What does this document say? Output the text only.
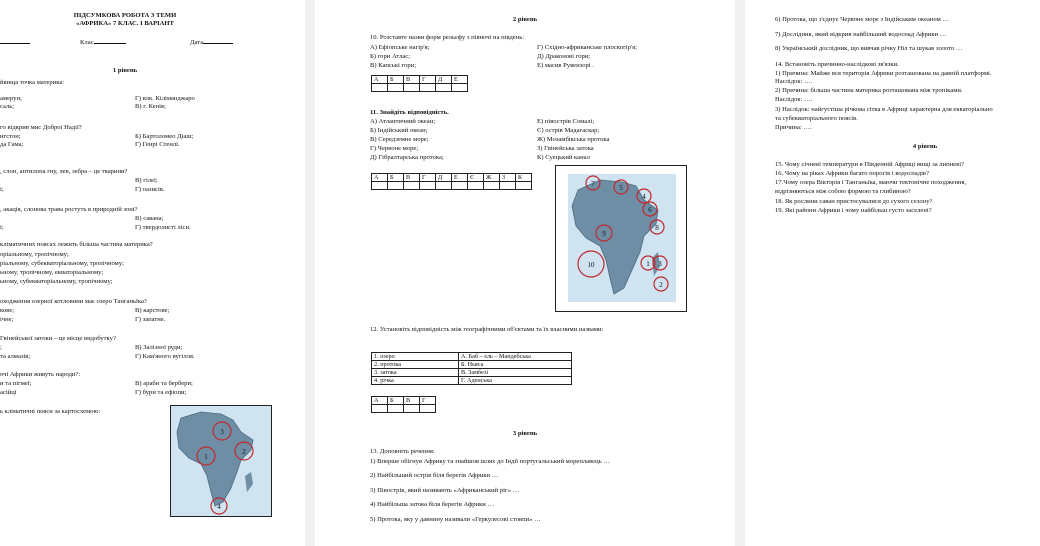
ПІДСУМКОВА РОБОТА З ТЕМИ
«АФРИКА» 7 КЛАС. І ВАРІАНТ
Клас	Дата
1 рівень
йвища точка материка:
амерун;
саль;
Г) влк. Кіліманджаро
В) г. Кенія;
го відкрив мис Доброї Надії?
нгстон;
да Гама;
Б) Бартоломео Діаш;
Г) Генрі Стенлі.
, слон, антилопа гну, лев, зебра – це тварини?
і;
В) гілеї;
Г) оазисів.
, акація, слонова трава ростуть в природній зоні?
і;
В) савана;
Г) твердолисті ліси.
кліматичних поясах лежить більша частина материка?
оріальному, тропічному;
ріальному, субекваторіальному, тропічному;
ьному, тропічному, екваторіальному;
ьному, субекваторіальному, тропічному;
оходження озерної котловини має озеро Танганьїка?
кове;
ічне;
В) карстове;
Г) запатне.
Гвінейської затоки – це місце видобутку?
;
та алмазів;
В) Залізної руди;
Г) Кам'яного вугілля.
очі Африки живуть народи?:
и та пігмеї;
асійці
В) араби та бербери;
Г) бури та ефіопи;
ь кліматичні пояси за картосхемою:
3
1
2
4
2 рівень
10. Розставте назви форм рельєфу з півночі на південь:
А) Ефіопське нагір'я;
Б) гори Атлас;
В) Капські гори;
Г) Східно-африканське плоскогір'я;
Д) Драконові гори;
Е) масив Рувензорі .
А	Б	В	Г	Д	Е

11. Знайдіть відповідність.
А) Атлантичний океан;
Б) Індійський океан;
В) Середземне море;
Г) Червоне море;
Д) Гібралтарська протока;
Е) півострів Сомалі;
Є) острів Мадагаскар;
Ж) Мозамбікська протока
З) Гвінейська затока
К) Суецький канал
А	Б	В	Г	Д	Е	Є	Ж	З	К

7	5
4
6
8
9
10	1 3
2
12. Установіть відповідність між географічними об'єктами та їх власними назвами:
1. озеро	А. Баб – ель – Мандебська
2. протока	Б. Ньяса
3. затока	В. Замбезі
4. річка	Г. Аденська
А	Б	В	Г

3 рівень
13. Доповніть речення:
1) Вперше обігнув Африку та знайшов шлях до Індії португальський мореплавець …
2) Найбільший острів біля берегів Африки …
3) Півострів, який називають «Африканський ріг» …
4) Найбільша затока біля берегів Африки …
5) Протока, яку у давнину називали «Геркулесові стовпи» …
6) Протока, що з'єднує Червоне море з Індійським океаном …
7) Дослідник, який відкрив найбільший водоспад Африки …
8) Український дослідник, що вивчав річку Ніл та шукав золото …
14. Встановіть причинно-наслідкові зв'язки.
1) Причина: Майже вся територія Африки розташована на давній платформі.
Наслідок: ….
2) Причина: більша частина материка розташована між тропіками.
Наслідок: ….
3) Наслідок: найгустіша річкова сітка в Африці характерна для екваторіально
та субекваторіального поясів.
Причина: ….
4 рівень
15. Чому січневі температури в Південній Африці вищі за липневі?
16. Чому на ріках Африки багато порогів і водоспадів?
17.Чому озера Вікторія і Танганьїка, маючи тектонічне походження,
відрізняються між собою формою та глибиною?
18. Як рослини саван пристосувалися до сухого сезону?
19. Які райони Африки і чому найбільш густо заселені?
